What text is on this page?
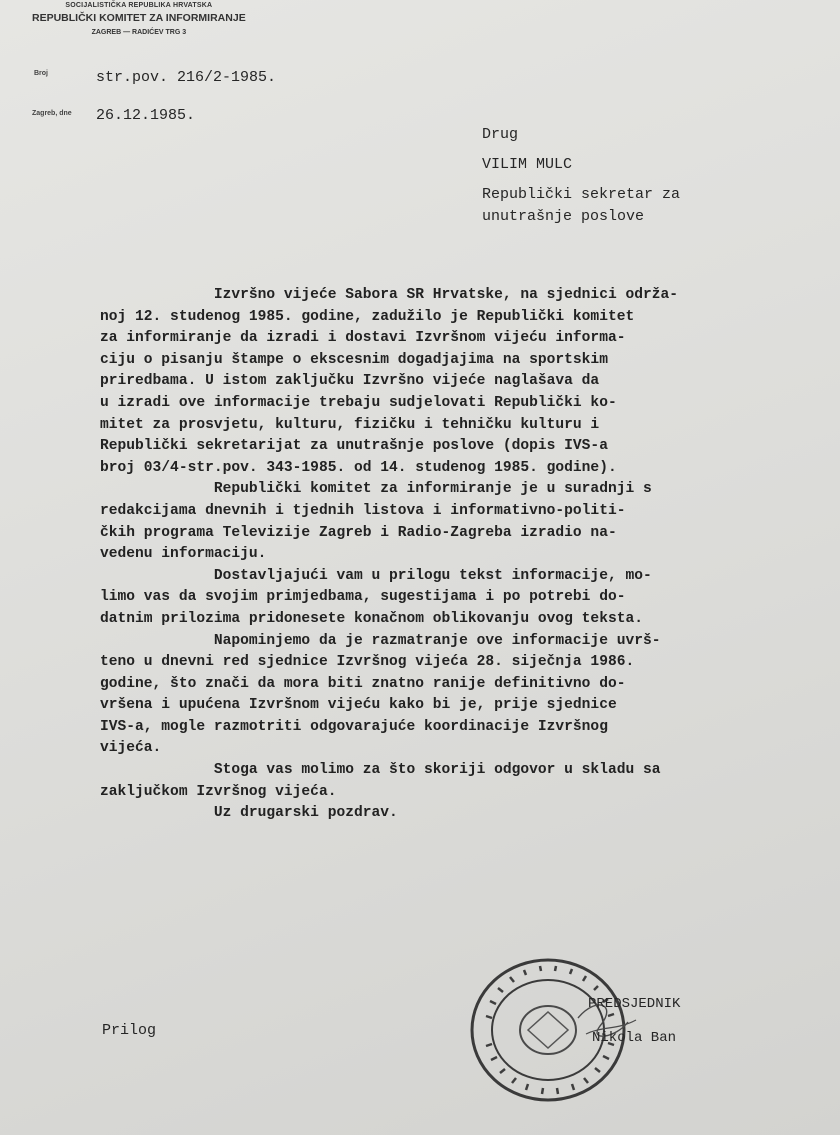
SOCIJALISTIČKA REPUBLIKA HRVATSKA
REPUBLIČKI KOMITET ZA INFORMIRANJE
ZAGREB — RADIĆEV TRG 3
Broj	str.pov. 216/2-1985.
Zagreb, dne 26.12.1985.
Drug
VILIM MULC
Republički sekretar za
unutrašnje poslove
Izvršno vijeće Sabora SR Hrvatske, na sjednici održa-
noj 12. studenog 1985. godine, zadužilo je Republički komitet
za informiranje da izradi i dostavi Izvršnom vijeću informa-
ciju o pisanju štampe o ekscesnim dogadjajima na sportskim
priredbama. U istom zaključku Izvršno vijeće naglašava da
u izradi ove informacije trebaju sudjelovati Republički ko-
mitet za prosvjetu, kulturu, fizičku i tehničku kulturu i
Republički sekretarijat za unutrašnje poslove (dopis IVS-a
broj 03/4-str.pov. 343-1985. od 14. studenog 1985. godine).
Republički komitet za informiranje je u suradnji s
redakcijama dnevnih i tjednih listova i informativno-politi-
čkih programa Televizije Zagreb i Radio-Zagreba izradio na-
vedenu informaciju.
Dostavljajući vam u prilogu tekst informacije, mo-
limo vas da svojim primjedbama, sugestijama i po potrebi do-
datnim prilozima pridonesete konačnom oblikovanju ovog teksta.
Napominjemo da je razmatranje ove informacije uvrš-
teno u dnevni red sjednice Izvršnog vijeća 28. siječnja 1986.
godine, što znači da mora biti znatno ranije definitivno do-
vršena i upućena Izvršnom vijeću kako bi je, prije sjednice
IVS-a, mogle razmotriti odgovarajuće koordinacije Izvršnog
vijeća.
Stoga vas molimo za što skoriji odgovor u skladu sa
zaključkom Izvršnog vijeća.
Uz drugarski pozdrav.
PREDSJEDNIK
Nikola Ban
Prilog
